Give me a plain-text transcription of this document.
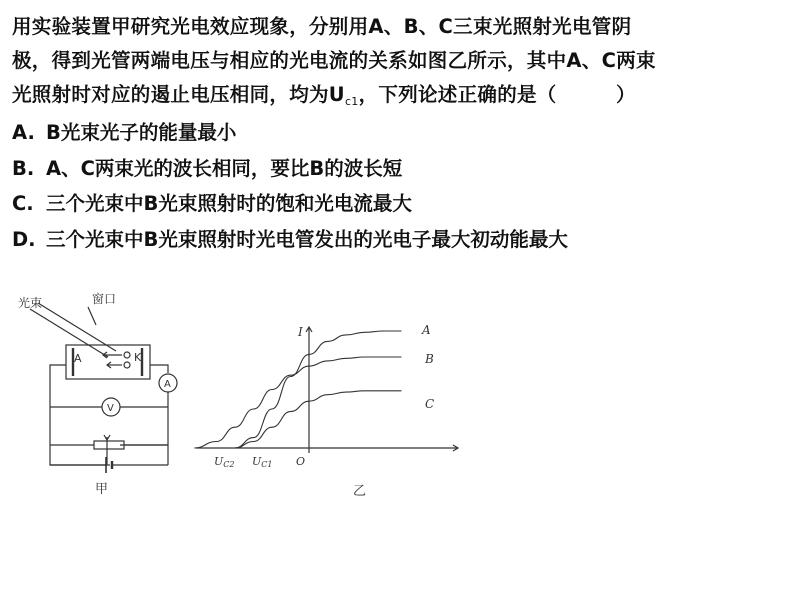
用实验装置甲研究光电效应现象，分别用A、B、C三束光照射光电管阴
极，得到光管两端电压与相应的光电流的关系如图乙所示，其中A、C两束
光照射时对应的遏止电压相同，均为$U_{c1}$，下列论述正确的是（　　　）
A. B光束光子的能量最小
B. A、C两束光的波长相同，要比B的波长短
C. 三个光束中B光束照射时的饱和光电流最大
D. 三个光束中B光束照射时光电管发出的光电子最大初动能最大
光束	窗口
A	K
A
V
甲
I	A
B
C
UC2 UC1 O
乙
